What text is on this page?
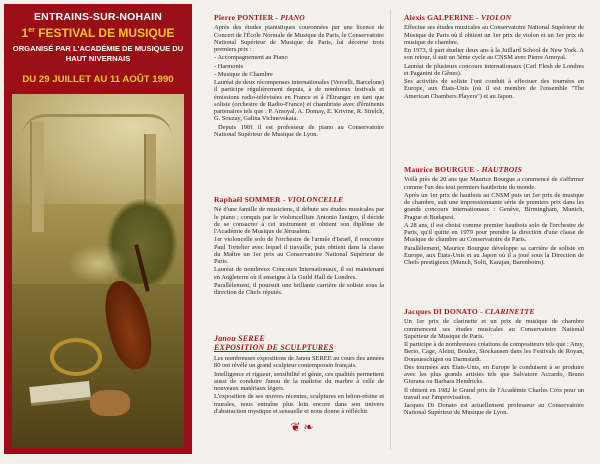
ENTRAINS-SUR-NOHAIN
1er FESTIVAL DE MUSIQUE
ORGANISÉ PAR L'ACADÉMIE DE MUSIQUE DU HAUT NIVERNAIS
DU 29 JUILLET AU 11 AOÛT 1990
Pierre PONTIER - PIANO

Après des études pianistiques couronnées par une licence de Concert de l'École Normale de Musique de Paris, le Conservatoire National Supérieur de Musique de Paris, lui décerne trois premiers prix :

- Accompagnement au Piano

- Harmonie

- Musique de Chambre

Lauréat de deux récompenses internationales (Vercelli, Barcelone) il participe régulièrement depuis, à de nombreux festivals et émissions radio-télévisées en France et à l'Étranger en tant que soliste (orchestre de Radio-France) et chambriste avec d'éminents partenaires tels que : P. Amoyal, A. Domay, E. Krivine, R. Strelch, G. Souzay, Galina Vichnevskaia.

Depuis 1981 il est professeur de piano au Conservatoire National Supérieur de Musique de Lyon.

Raphaël SOMMER - VIOLONCELLE

Né d'une famille de musiciens, il débute ses études musicales par le piano ; conquis par le violoncelliste Antonio Janigro, il décide de se consacrer à cet instrument et obtient son diplôme de l'Académie de Musique de Jérusalem.

1er violoncelle solo de l'orchestre de l'armée d'Israël, il rencontre Paul Tortelier avec lequel il travaille, puis obtient dans la classe du Maître un 1er prix au Conservatoire National Supérieur de Paris.

Lauréat de nombreux Concours Internationaux, il est maintenant en Angleterre où il enseigne à la Guild Hall de Londres.

Parallèlement, il poursuit une brillante carrière de soliste sous la direction de Chefs réputés.

Janou SEREE
EXPOSITION DE SCULPTURES

Les nombreuses expositions de Janou SEREE au cours des années 80 ont révélé un grand sculpteur contemporain français.

Intelligence et rigueur, sensibilité et génie, ces qualités permettent aussi de conduire Janou de la maîtrise du marbre à celle de nouveaux matériaux légers.

L'exposition de ses œuvres récentes, sculptures en béton-résine et murales, nous entraîne plus loin encore dans son univers d'abstraction mystique et sensuelle et nous donne à réfléchir.

Alexis GALPERINE - VIOLON

Effectue ses études musicales au Conservatoire National Supérieur de Musique de Paris où il obtient un 1er prix de violon et un 1er prix de musique de chambre.

En 1973, il part étudier deux ans à la Juillard School de New York. A son retour, il suit un 3ème cycle au CNSM avec Pierre Amoyal.

Lauréat de plusieurs concours internationaux (Carl Flesh de Londres et Paganini de Gênes).

Ses activités de soliste l'ont conduit à effectuer des tournées en Europe, aux États-Unis (où il est membre de l'ensemble "The American Chambers Players") et au Japon.

Maurice BOURGUE - HAUTBOIS

Voilà près de 20 ans que Maurice Bourgue a commencé de s'affirmer comme l'un des tout premiers hautboïste du monde.

Après un 1er prix de hautbois au CNSM puis un 1er prix de musique de chambre, suit une impressionnante série de premiers prix dans les grands concours internationaux : Genève, Birmingham, Munich, Prague et Budapest.

A 28 ans, il est choisi comme premier hautbois solo de l'orchestre de Paris, qu'il quitte en 1979 pour prendre la direction d'une classe de Musique de chambre au Conservatoire de Paris.

Parallèlement, Maurice Bourgue développe sa carrière de soliste en Europe, aux États-Unis et au Japon où il a joué sous la Direction de Chefs prestigieux (Munch, Solti, Karajan, Barenboim).

Jacques DI DONATO - CLARINETTE

Un 1er prix de clarinette et un prix de musique de chambre commencent ses études musicales au Conservatoire National Supérieur de Musique de Paris.

Il participe à de nombreuses créations de compositeurs tels que : Amy, Berio, Cage, Aleini, Boulez, Stockausen dans les Festivals de Royan, Donaueschigen ou Darmstadt.

Des tournées aux États-Unis, en Europe le conduisent à se produire avec les plus grands artistes tels que Salvatore Accardo, Bruno Giurana ou Barbara Hendricks.

Il obtient en 1982 le Grand prix de l'Académie Charles Cros pour un travail sur l'improvisation.

Jacques Di Donato est actuellement professeur au Conservatoire National Supérieur de Musique de Lyon.

❦ ❧
